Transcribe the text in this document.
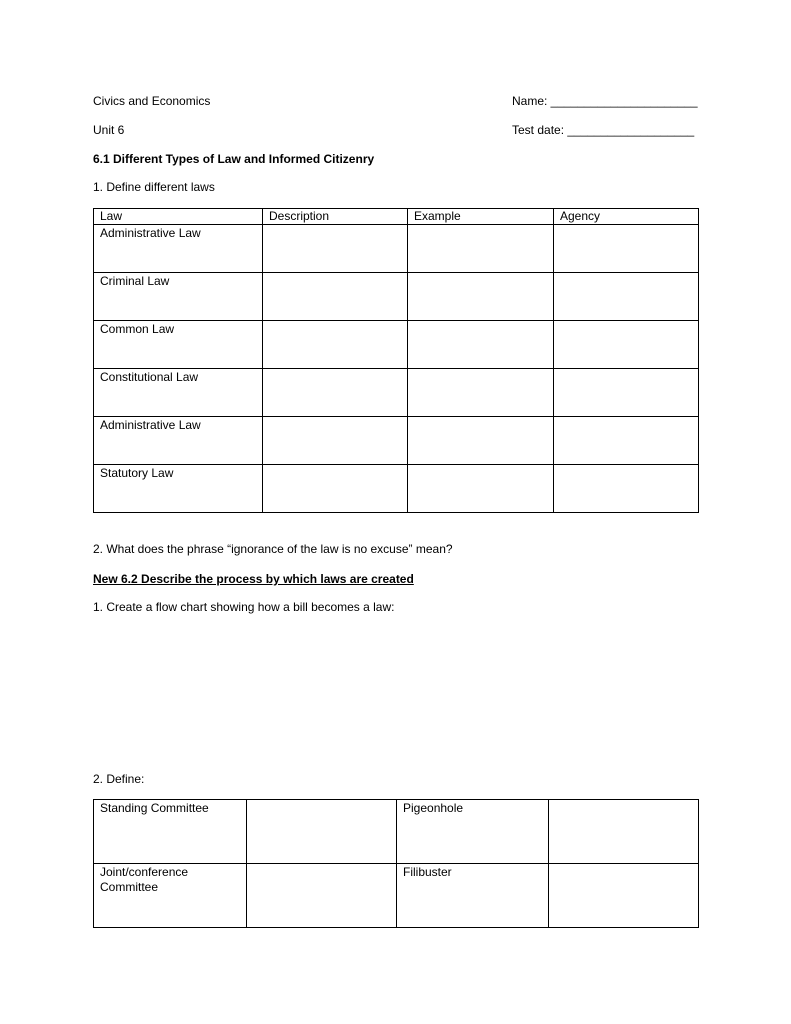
Civics and Economics	Name: ______________________
Unit 6	Test date: ___________________
6.1 Different Types of Law and Informed Citizenry
1. Define different laws
Law	Description	Example	Agency
Administrative Law			
Criminal Law			
Common Law			
Constitutional Law			
Administrative Law			
Statutory Law			
2. What does the phrase “ignorance of the law is no excuse” mean?
New 6.2 Describe the process by which laws are created
1. Create a flow chart showing how a bill becomes a law:
2. Define:
Standing Committee		Pigeonhole	
Joint/conference Committee		Filibuster	
